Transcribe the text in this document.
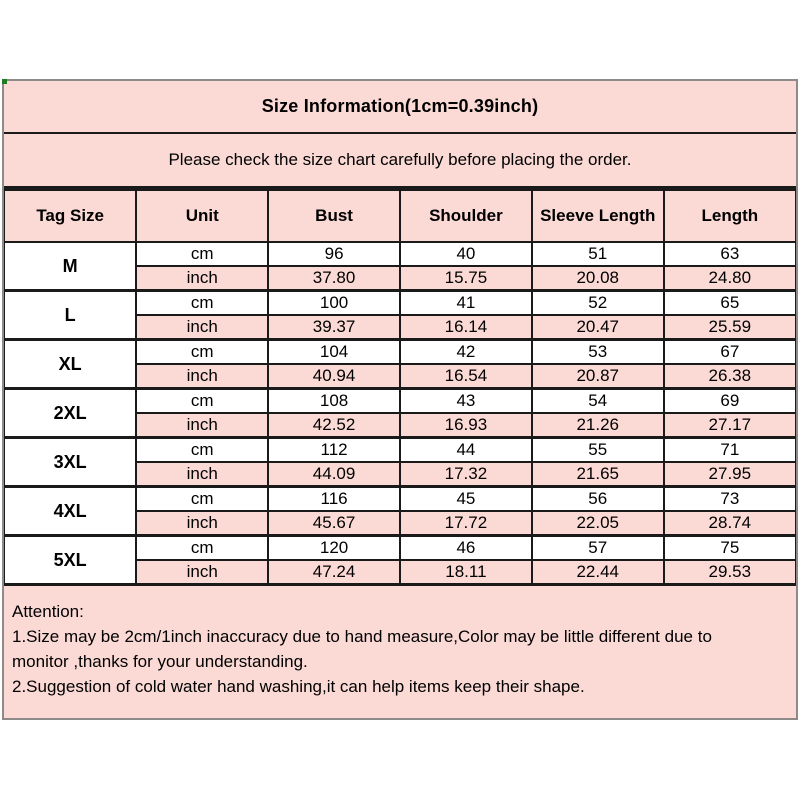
Size Information(1cm=0.39inch)
Please check the size chart carefully before placing the order.
Tag Size	Unit	Bust	Shoulder	Sleeve Length	Length
M	cm	96	40	51	63
	inch	37.80	15.75	20.08	24.80
L	cm	100	41	52	65
	inch	39.37	16.14	20.47	25.59
XL	cm	104	42	53	67
	inch	40.94	16.54	20.87	26.38
2XL	cm	108	43	54	69
	inch	42.52	16.93	21.26	27.17
3XL	cm	112	44	55	71
	inch	44.09	17.32	21.65	27.95
4XL	cm	116	45	56	73
	inch	45.67	17.72	22.05	28.74
5XL	cm	120	46	57	75
	inch	47.24	18.11	22.44	29.53
Attention:
1.Size may be 2cm/1inch inaccuracy due to hand measure,Color may be little different due to monitor ,thanks for your understanding.
2.Suggestion of cold water hand washing,it can help items keep their shape.
